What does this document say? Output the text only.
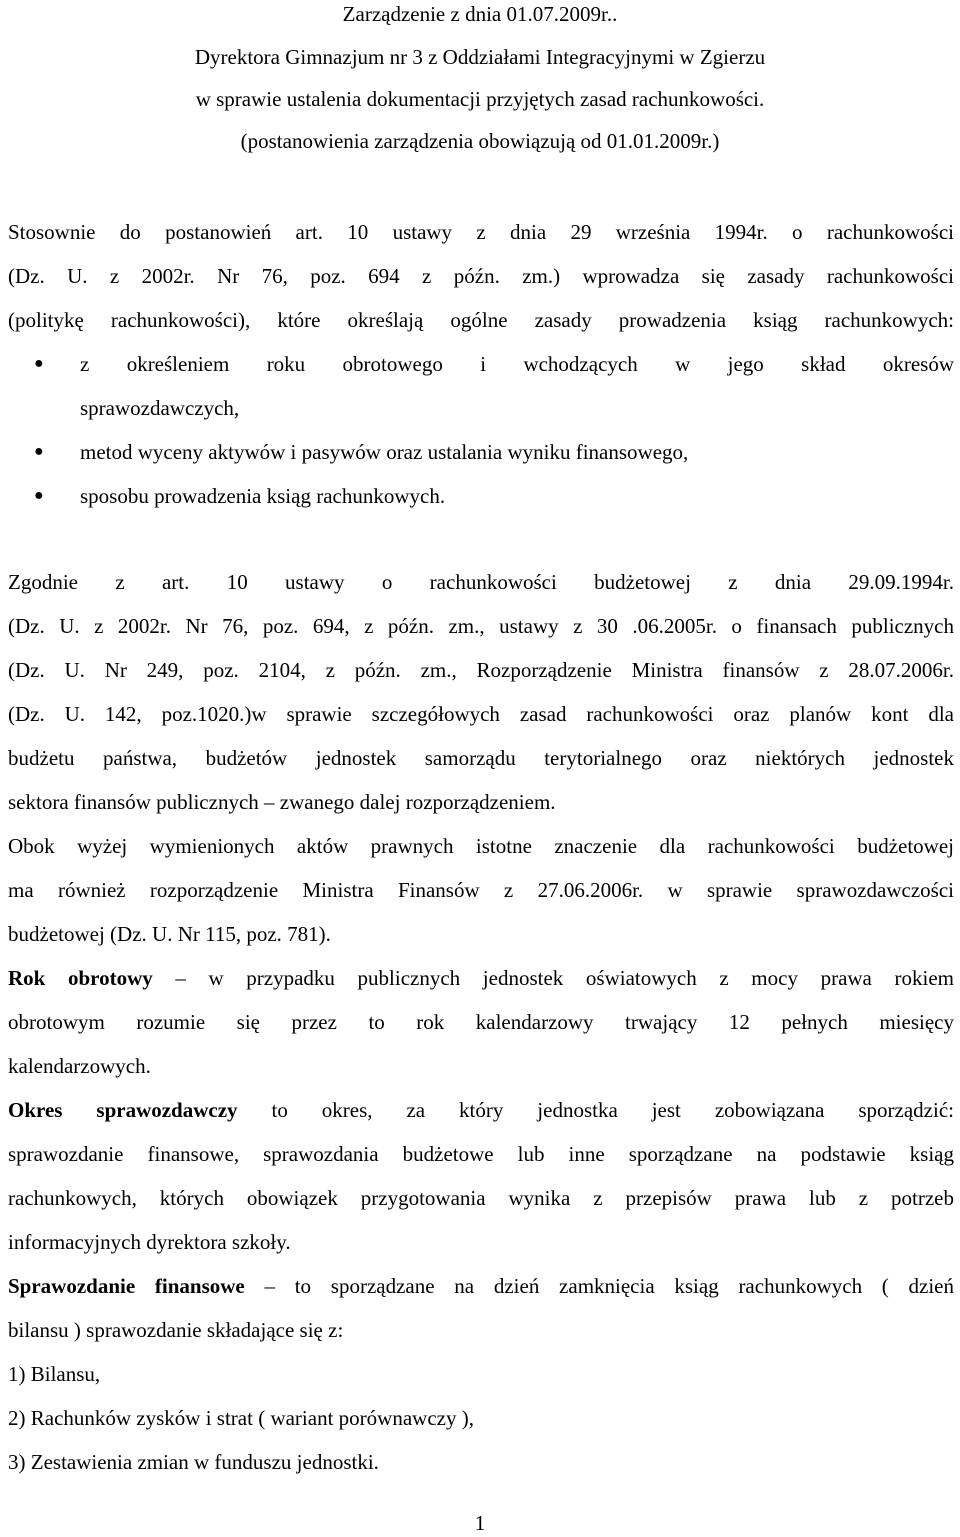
Zarządzenie z dnia 01.07.2009r..
Dyrektora Gimnazjum nr 3 z Oddziałami Integracyjnymi w Zgierzu
w sprawie ustalenia dokumentacji przyjętych zasad rachunkowości.
(postanowienia zarządzenia obowiązują od 01.01.2009r.)

Stosownie do postanowień art. 10 ustawy z dnia 29 września 1994r. o rachunkowości
(Dz. U. z 2002r. Nr 76, poz. 694 z późn. zm.) wprowadza się zasady rachunkowości
(politykę rachunkowości), które określają ogólne zasady prowadzenia ksiąg rachunkowych:

● z określeniem roku obrotowego i wchodzących w jego skład okresów
sprawozdawczych,
● metod wyceny aktywów i pasywów oraz ustalania wyniku finansowego,
● sposobu prowadzenia ksiąg rachunkowych.

Zgodnie z art. 10 ustawy o rachunkowości budżetowej z dnia 29.09.1994r.
(Dz. U. z 2002r. Nr 76, poz. 694, z późn. zm., ustawy z 30 .06.2005r. o finansach publicznych
(Dz. U. Nr 249, poz. 2104, z późn. zm., Rozporządzenie Ministra finansów z 28.07.2006r.
(Dz. U. 142, poz.1020.)w sprawie szczegółowych zasad rachunkowości oraz planów kont dla
budżetu państwa, budżetów jednostek samorządu terytorialnego oraz niektórych jednostek
sektora finansów publicznych – zwanego dalej rozporządzeniem.

Obok wyżej wymienionych aktów prawnych istotne znaczenie dla rachunkowości budżetowej
ma również rozporządzenie Ministra Finansów z 27.06.2006r. w sprawie sprawozdawczości
budżetowej (Dz. U. Nr 115, poz. 781).

Rok obrotowy – w przypadku publicznych jednostek oświatowych z mocy prawa rokiem
obrotowym rozumie się przez to rok kalendarzowy trwający 12 pełnych miesięcy
kalendarzowych.

Okres sprawozdawczy to okres, za który jednostka jest zobowiązana sporządzić:
sprawozdanie finansowe, sprawozdania budżetowe lub inne sporządzane na podstawie ksiąg
rachunkowych, których obowiązek przygotowania wynika z przepisów prawa lub z potrzeb
informacyjnych dyrektora szkoły.

Sprawozdanie finansowe – to sporządzane na dzień zamknięcia ksiąg rachunkowych ( dzień
bilansu ) sprawozdanie składające się z:
1) Bilansu,
2) Rachunków zysków i strat ( wariant porównawczy ),
3) Zestawienia zmian w funduszu jednostki.

1
